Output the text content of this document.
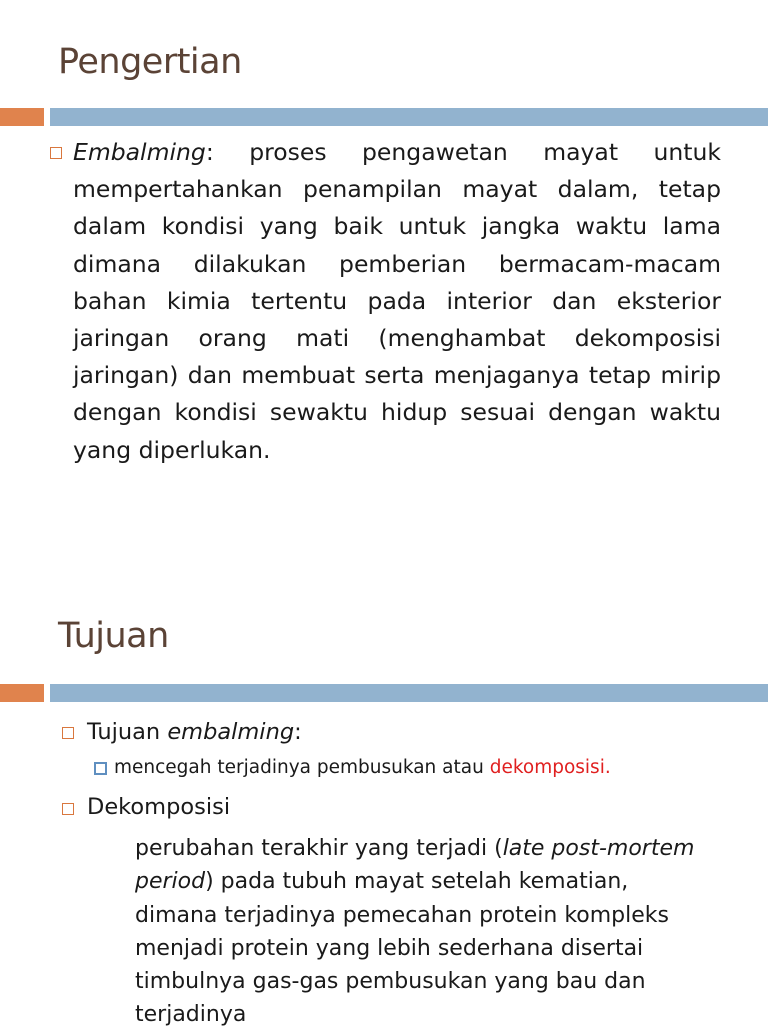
Pengertian

Embalming: proses pengawetan mayat untuk mempertahankan penampilan mayat dalam, tetap dalam kondisi yang baik untuk jangka waktu lama dimana dilakukan pemberian bermacam-macam bahan kimia tertentu pada interior dan eksterior jaringan orang mati (menghambat dekomposisi jaringan) dan membuat serta menjaganya tetap mirip dengan kondisi sewaktu hidup sesuai dengan waktu yang diperlukan.

Tujuan

Tujuan embalming:

mencegah terjadinya pembusukan atau dekomposisi.

Dekomposisi

perubahan terakhir yang terjadi (late post-mortem period) pada tubuh mayat setelah kematian, dimana terjadinya pemecahan protein kompleks menjadi protein yang lebih sederhana disertai timbulnya gas-gas pembusukan yang bau dan terjadinya
